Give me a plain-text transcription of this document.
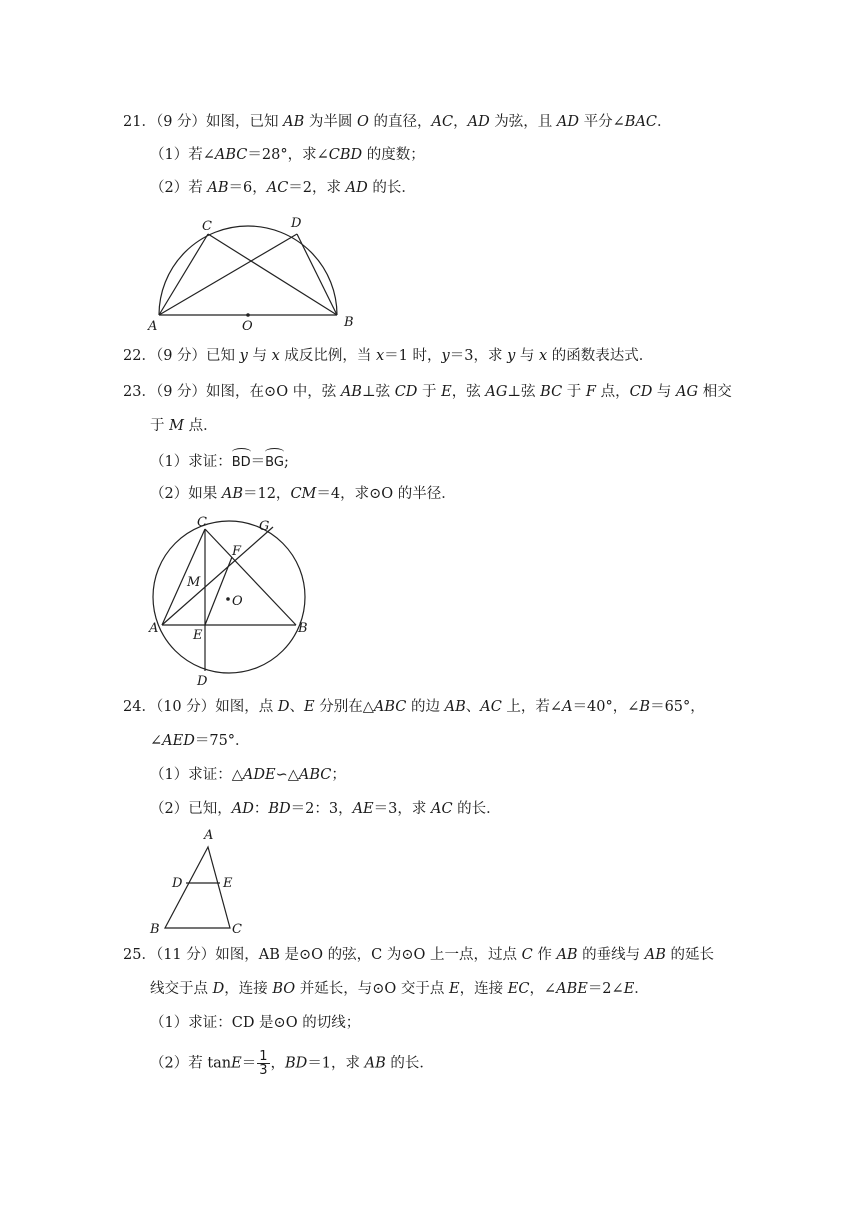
21．（9 分）如图，已知 AB 为半圆 O 的直径，AC，AD 为弦，且 AD 平分∠BAC．
（1）若∠ABC＝28°，求∠CBD 的度数；
（2）若 AB＝6，AC＝2，求 AD 的长．
A	B
C	D
O
22．（9 分）已知 y 与 x 成反比例，当 x＝1 时，y＝3，求 y 与 x 的函数表达式．
23．（9 分）如图，在⊙O 中，弦 AB⊥弦 CD 于 E，弦 AG⊥弦 BC 于 F 点，CD 与 AG 相交
于 M 点．
（1）求证：BD＝BG;
（2）如果 AB＝12，CM＝4，求⊙O 的半径．
A	B
C
D
E
F
G
M
O
24．（10 分）如图，点 D、E 分别在△ABC 的边 AB、AC 上，若∠A＝40°，∠B＝65°，
∠AED＝75°．
（1）求证：△ADE∽△ABC；
（2）已知，AD：BD＝2：3，AE＝3，求 AC 的长．
A
B	C
D	E
25．（11 分）如图，AB 是⊙O 的弦，C 为⊙O 上一点，过点 C 作 AB 的垂线与 AB 的延长
线交于点 D，连接 BO 并延长，与⊙O 交于点 E，连接 EC，∠ABE＝2∠E．
（1）求证：CD 是⊙O 的切线；
（2）若 $\tan E= \frac{1}{3}$ ，BD＝1，求 AB 的长．
